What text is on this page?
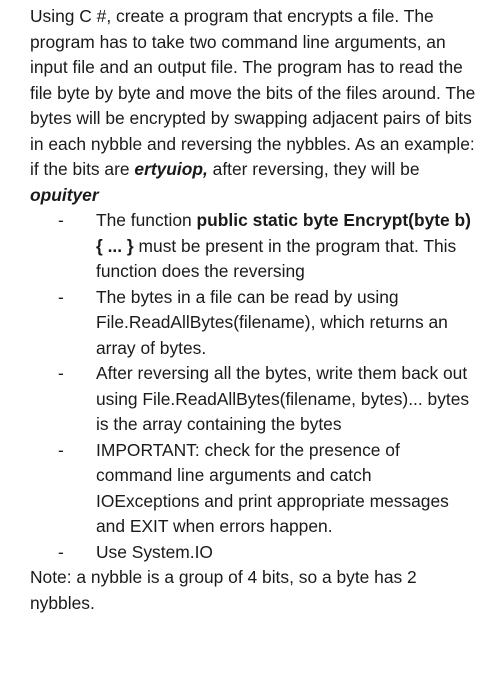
Using C #, create a program that encrypts a file. The program has to take two command line arguments, an input file and an output file. The program has to read the file byte by byte and move the bits of the files around. The bytes will be encrypted by swapping adjacent pairs of bits in each nybble and reversing the nybbles. As an example: if the bits are ertyuiop, after reversing, they will be opuityer

- The function public static byte Encrypt(byte b) { ... } must be present in the program that. This function does the reversing
- The bytes in a file can be read by using File.ReadAllBytes(filename), which returns an array of bytes.
- After reversing all the bytes, write them back out using File.ReadAllBytes(filename, bytes)... bytes is the array containing the bytes
- IMPORTANT: check for the presence of command line arguments and catch IOExceptions and print appropriate messages and EXIT when errors happen.
- Use System.IO

Note: a nybble is a group of 4 bits, so a byte has 2 nybbles.
